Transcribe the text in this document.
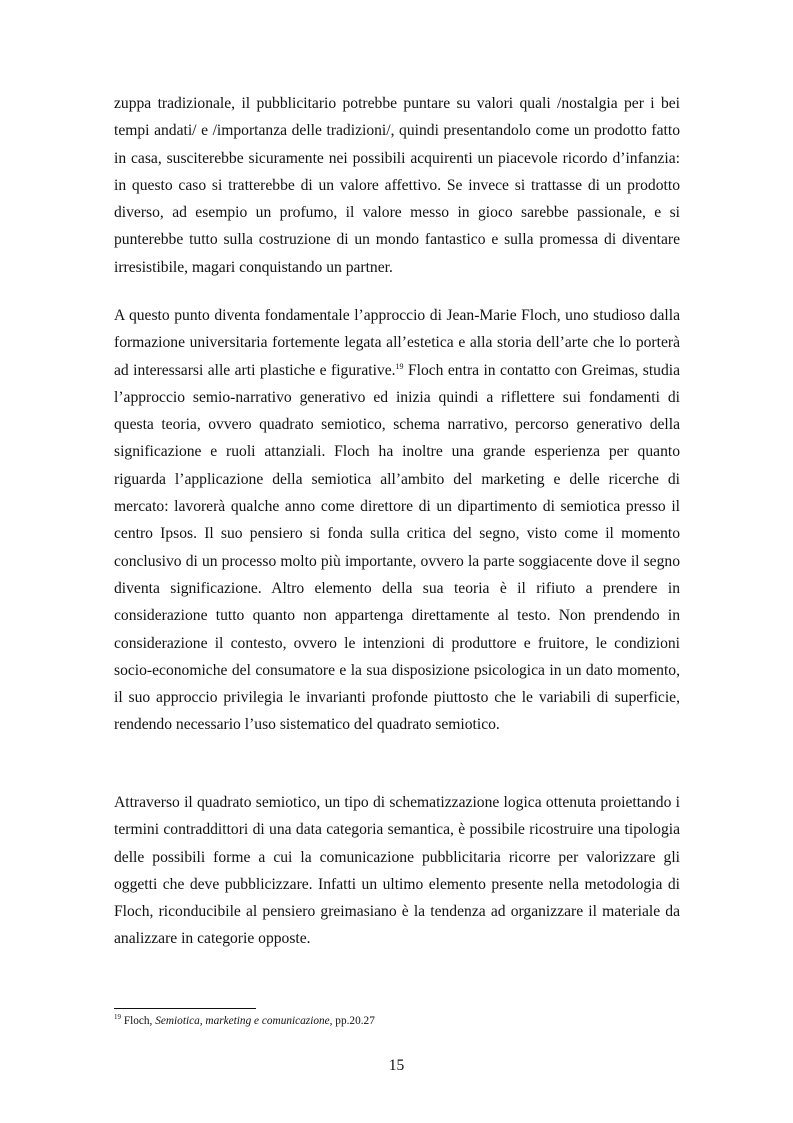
zuppa tradizionale, il pubblicitario potrebbe puntare su valori quali /nostalgia per i bei tempi andati/ e /importanza delle tradizioni/, quindi presentandolo come un prodotto fatto in casa, susciterebbe sicuramente nei possibili acquirenti un piacevole ricordo d’infanzia: in questo caso si tratterebbe di un valore affettivo. Se invece si trattasse di un prodotto diverso, ad esempio un profumo, il valore messo in gioco sarebbe passionale, e si punterebbe tutto sulla costruzione di un mondo fantastico e sulla promessa di diventare irresistibile, magari conquistando un partner.

A questo punto diventa fondamentale l’approccio di Jean-Marie Floch, uno studioso dalla formazione universitaria fortemente legata all’estetica e alla storia dell’arte che lo porterà ad interessarsi alle arti plastiche e figurative.$^{19}$ Floch entra in contatto con Greimas, studia l’approccio semio-narrativo generativo ed inizia quindi a riflettere sui fondamenti di questa teoria, ovvero quadrato semiotico, schema narrativo, percorso generativo della significazione e ruoli attanziali. Floch ha inoltre una grande esperienza per quanto riguarda l’applicazione della semiotica all’ambito del marketing e delle ricerche di mercato: lavorerà qualche anno come direttore di un dipartimento di semiotica presso il centro Ipsos. Il suo pensiero si fonda sulla critica del segno, visto come il momento conclusivo di un processo molto più importante, ovvero la parte soggiacente dove il segno diventa significazione. Altro elemento della sua teoria è il rifiuto a prendere in considerazione tutto quanto non appartenga direttamente al testo. Non prendendo in considerazione il contesto, ovvero le intenzioni di produttore e fruitore, le condizioni socio-economiche del consumatore e la sua disposizione psicologica in un dato momento, il suo approccio privilegia le invarianti profonde piuttosto che le variabili di superficie, rendendo necessario l’uso sistematico del quadrato semiotico.

Attraverso il quadrato semiotico, un tipo di schematizzazione logica ottenuta proiettando i termini contraddittori di una data categoria semantica, è possibile ricostruire una tipologia delle possibili forme a cui la comunicazione pubblicitaria ricorre per valorizzare gli oggetti che deve pubblicizzare. Infatti un ultimo elemento presente nella metodologia di Floch, riconducibile al pensiero greimasiano è la tendenza ad organizzare il materiale da analizzare in categorie opposte.

$^{19}$ Floch, Semiotica, marketing e comunicazione, pp.20.27
15
